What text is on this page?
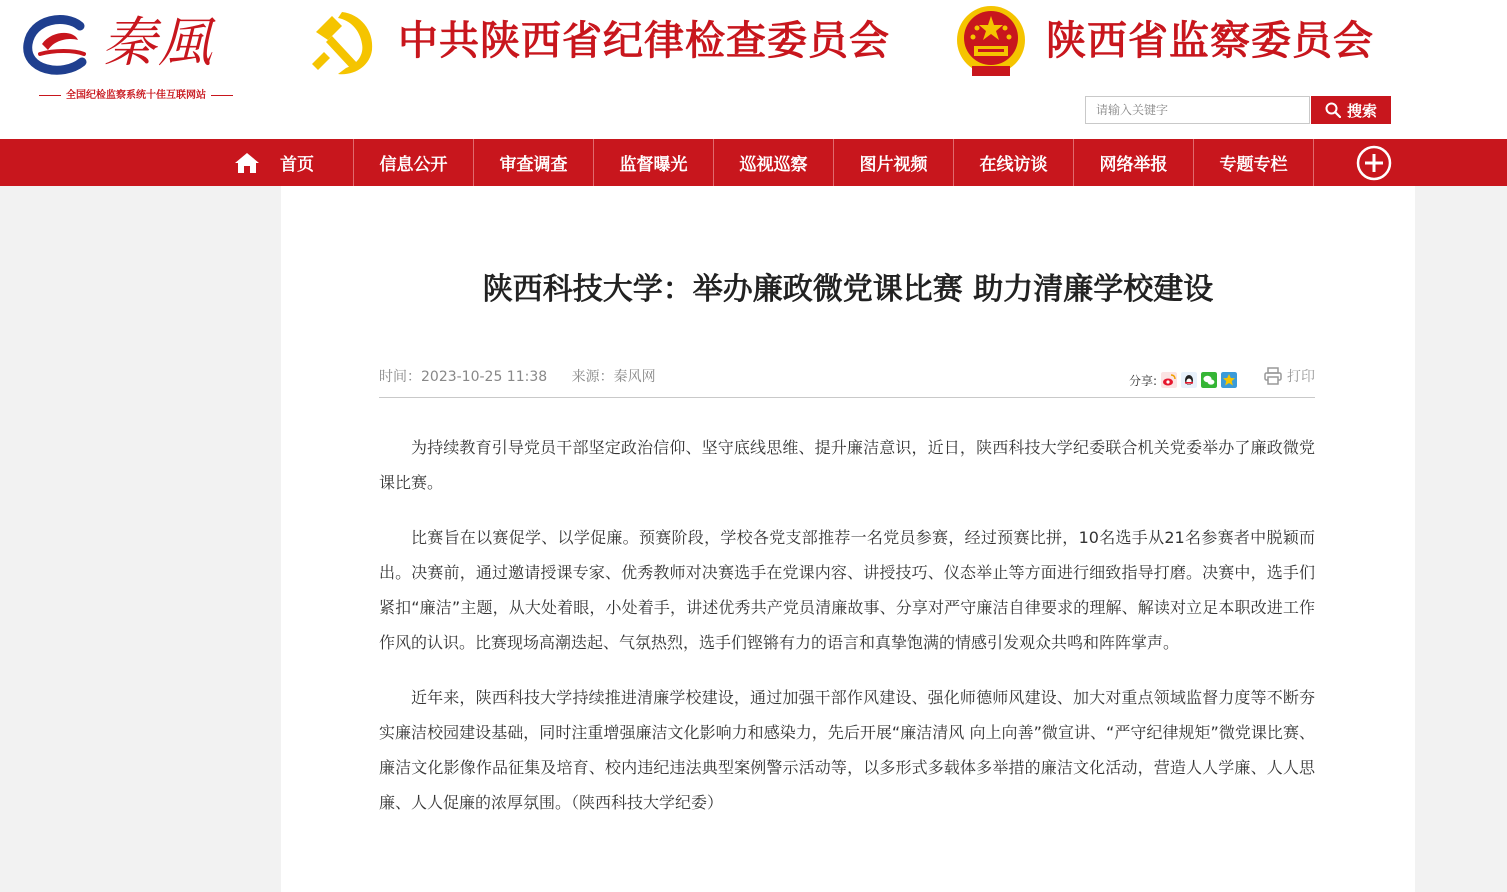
秦風
全国纪检监察系统十佳互联网站
中共陕西省纪律检查委员会	陕西省监察委员会
请输入关键字
搜索
首页	信息公开	审查调查	监督曝光	巡视巡察	图片视频	在线访谈	网络举报	专题专栏
陕西科技大学：举办廉政微党课比赛 助力清廉学校建设
时间：2023-10-25 11:38 来源：秦风网	分享:	打印

为持续教育引导党员干部坚定政治信仰、坚守底线思维、提升廉洁意识，近日，陕西科技大学纪委联合机关党委举办了廉政微党课比赛。

比赛旨在以赛促学、以学促廉。预赛阶段，学校各党支部推荐一名党员参赛，经过预赛比拼，10名选手从21名参赛者中脱颖而出。决赛前，通过邀请授课专家、优秀教师对决赛选手在党课内容、讲授技巧、仪态举止等方面进行细致指导打磨。决赛中，选手们紧扣“廉洁”主题，从大处着眼，小处着手，讲述优秀共产党员清廉故事、分享对严守廉洁自律要求的理解、解读对立足本职改进工作作风的认识。比赛现场高潮迭起、气氛热烈，选手们铿锵有力的语言和真挚饱满的情感引发观众共鸣和阵阵掌声。

近年来，陕西科技大学持续推进清廉学校建设，通过加强干部作风建设、强化师德师风建设、加大对重点领域监督力度等不断夯实廉洁校园建设基础，同时注重增强廉洁文化影响力和感染力，先后开展“廉洁清风 向上向善”微宣讲、“严守纪律规矩”微党课比赛、廉洁文化影像作品征集及培育、校内违纪违法典型案例警示活动等，以多形式多载体多举措的廉洁文化活动，营造人人学廉、人人思廉、人人促廉的浓厚氛围。（陕西科技大学纪委）
